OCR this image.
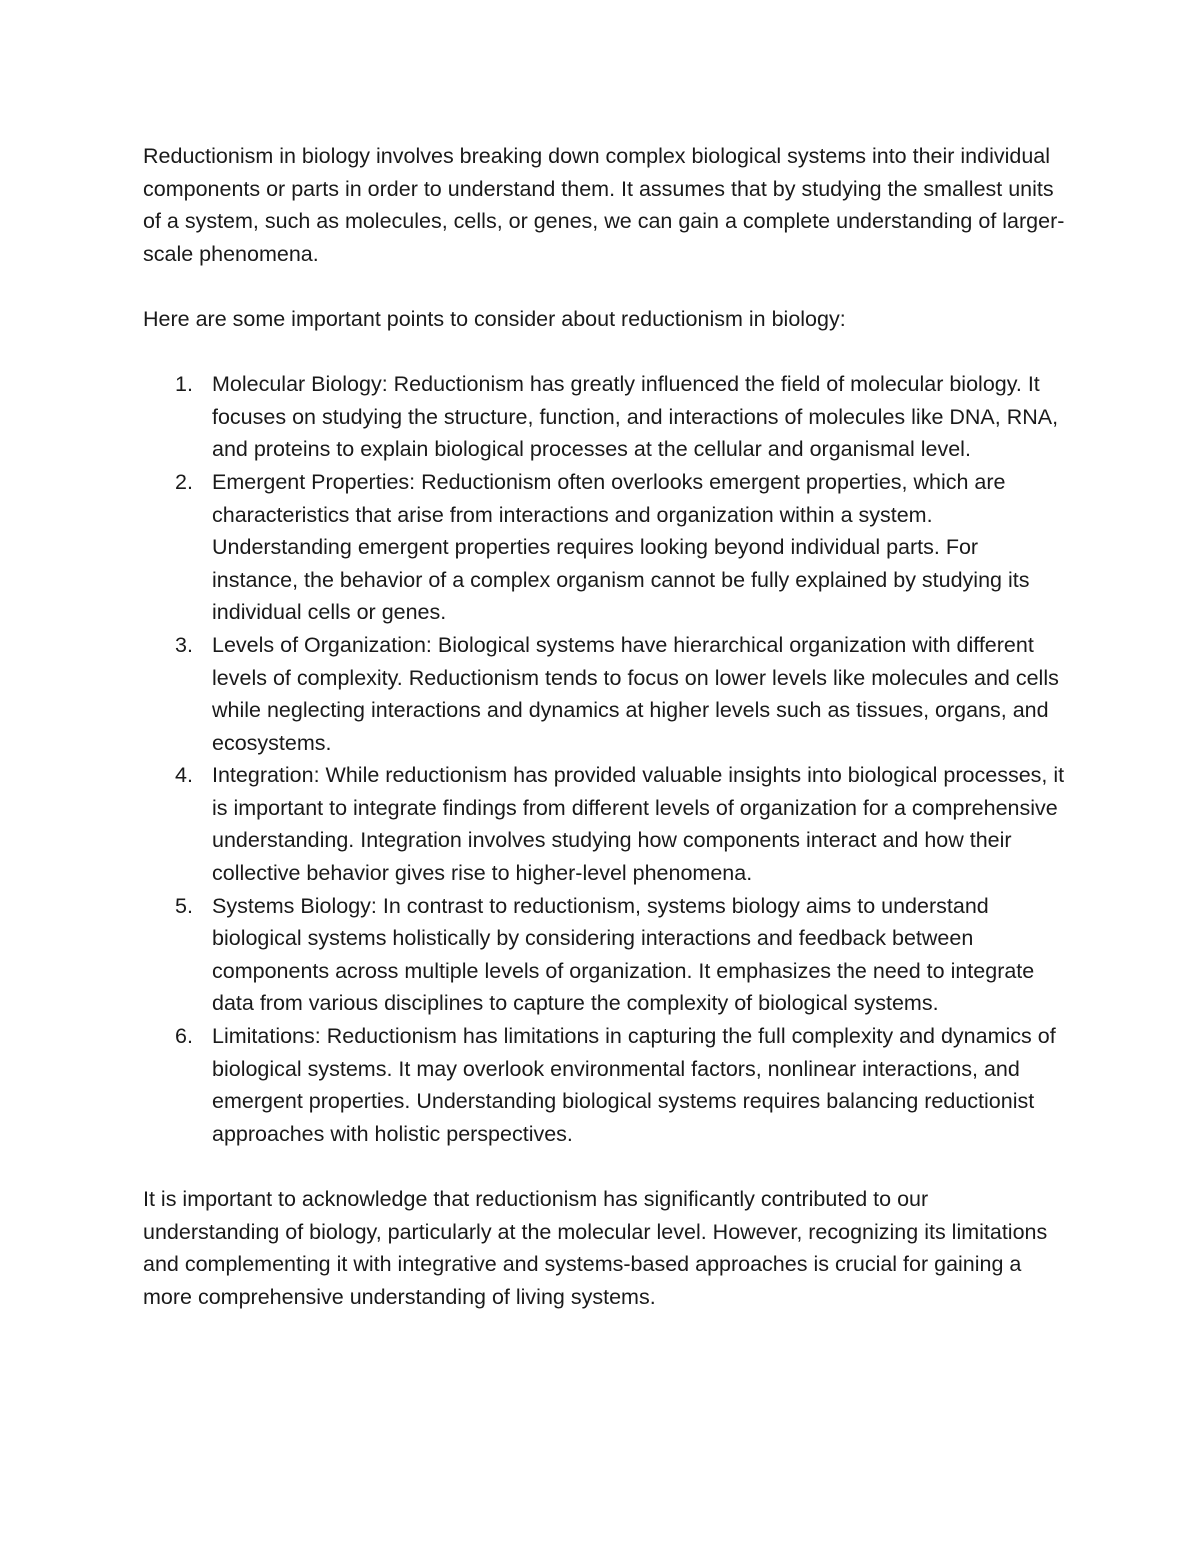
Reductionism in biology involves breaking down complex biological systems into their individual components or parts in order to understand them. It assumes that by studying the smallest units of a system, such as molecules, cells, or genes, we can gain a complete understanding of larger-scale phenomena.

Here are some important points to consider about reductionism in biology:

1. Molecular Biology: Reductionism has greatly influenced the field of molecular biology. It focuses on studying the structure, function, and interactions of molecules like DNA, RNA, and proteins to explain biological processes at the cellular and organismal level.
2. Emergent Properties: Reductionism often overlooks emergent properties, which are characteristics that arise from interactions and organization within a system. Understanding emergent properties requires looking beyond individual parts. For instance, the behavior of a complex organism cannot be fully explained by studying its individual cells or genes.
3. Levels of Organization: Biological systems have hierarchical organization with different levels of complexity. Reductionism tends to focus on lower levels like molecules and cells while neglecting interactions and dynamics at higher levels such as tissues, organs, and ecosystems.
4. Integration: While reductionism has provided valuable insights into biological processes, it is important to integrate findings from different levels of organization for a comprehensive understanding. Integration involves studying how components interact and how their collective behavior gives rise to higher-level phenomena.
5. Systems Biology: In contrast to reductionism, systems biology aims to understand biological systems holistically by considering interactions and feedback between components across multiple levels of organization. It emphasizes the need to integrate data from various disciplines to capture the complexity of biological systems.
6. Limitations: Reductionism has limitations in capturing the full complexity and dynamics of biological systems. It may overlook environmental factors, nonlinear interactions, and emergent properties. Understanding biological systems requires balancing reductionist approaches with holistic perspectives.

It is important to acknowledge that reductionism has significantly contributed to our understanding of biology, particularly at the molecular level. However, recognizing its limitations and complementing it with integrative and systems-based approaches is crucial for gaining a more comprehensive understanding of living systems.
